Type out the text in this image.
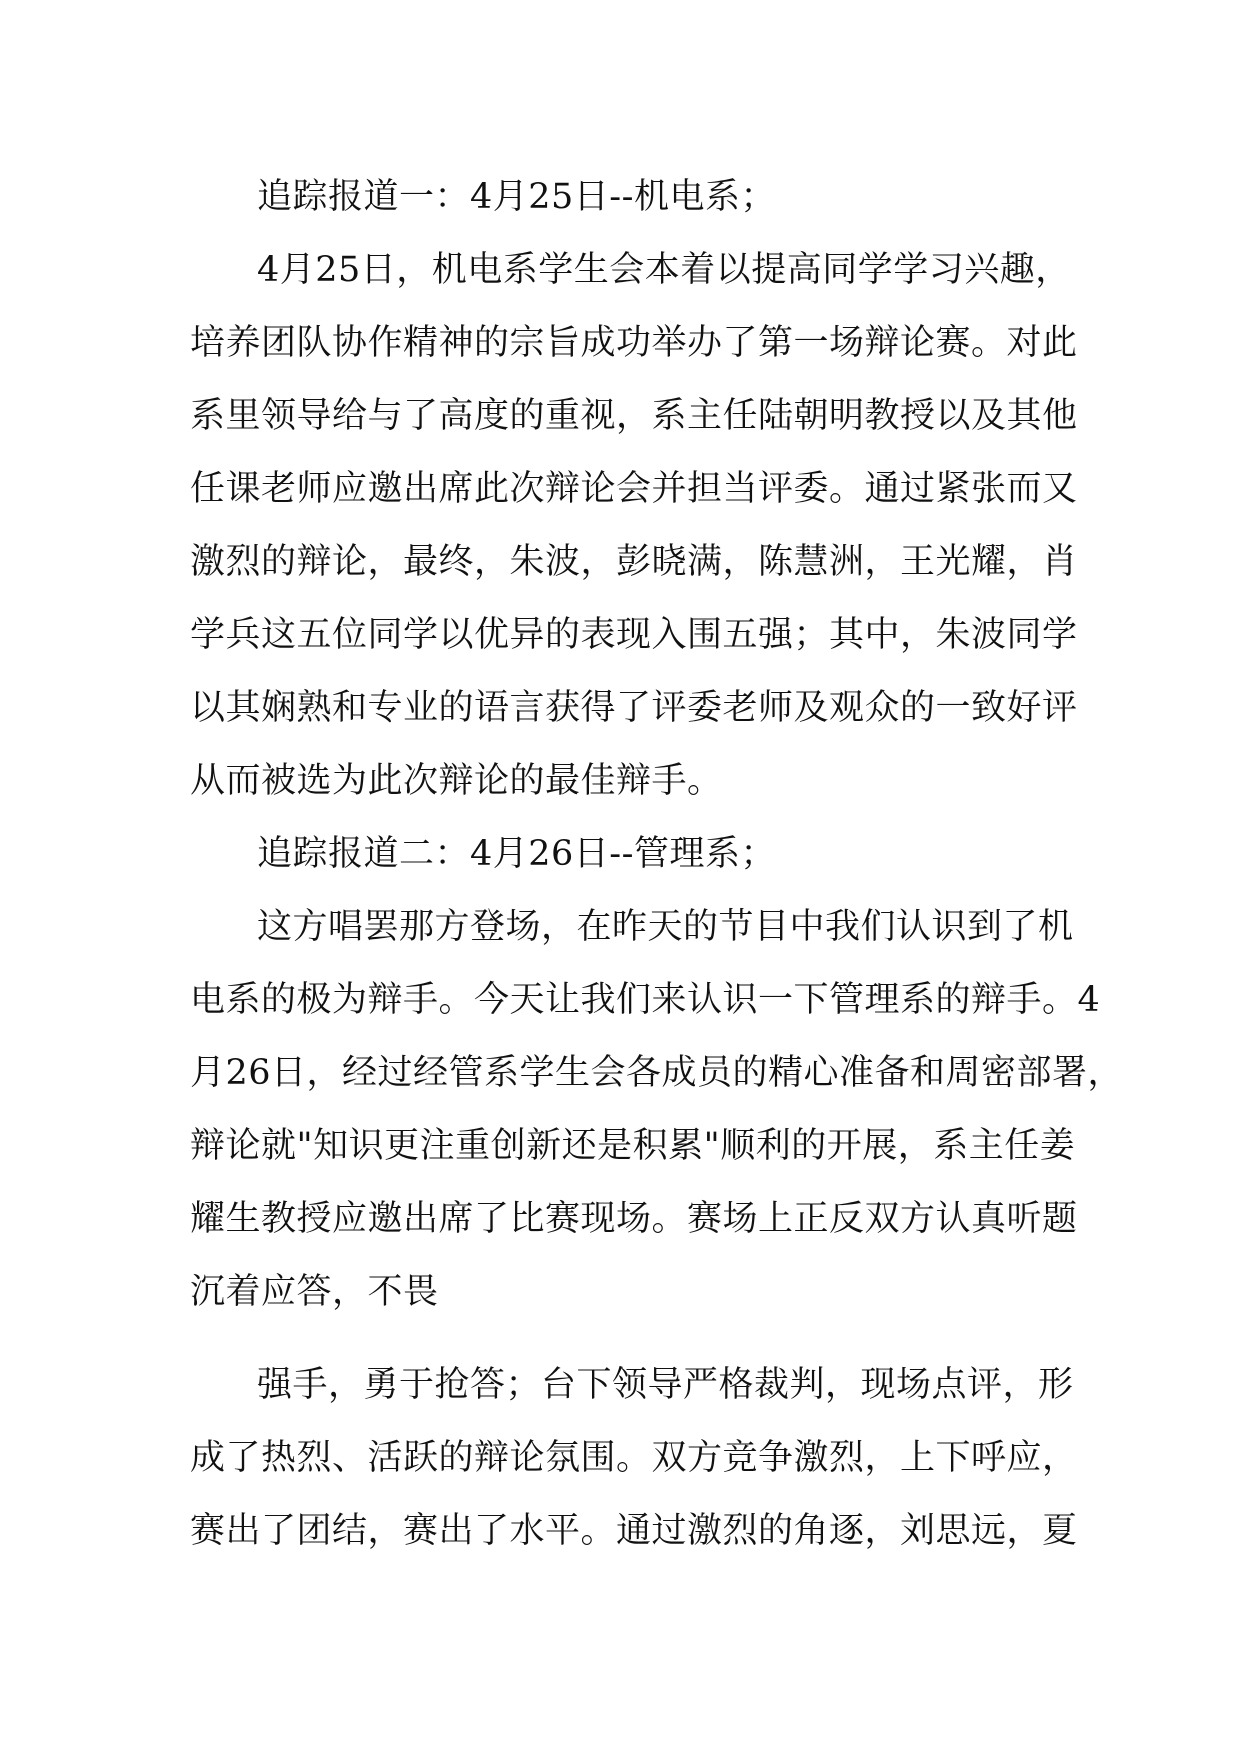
追踪报道一：4月25日--机电系；
4月25日，机电系学生会本着以提高同学学习兴趣，
培养团队协作精神的宗旨成功举办了第一场辩论赛。对此
系里领导给与了高度的重视，系主任陆朝明教授以及其他
任课老师应邀出席此次辩论会并担当评委。通过紧张而又
激烈的辩论，最终，朱波，彭晓满，陈慧洲，王光耀，肖
学兵这五位同学以优异的表现入围五强；其中，朱波同学
以其娴熟和专业的语言获得了评委老师及观众的一致好评
从而被选为此次辩论的最佳辩手。
追踪报道二：4月26日--管理系；
这方唱罢那方登场，在昨天的节目中我们认识到了机
电系的极为辩手。今天让我们来认识一下管理系的辩手。4
月26日，经过经管系学生会各成员的精心准备和周密部署，
辩论就"知识更注重创新还是积累"顺利的开展，系主任姜
耀生教授应邀出席了比赛现场。赛场上正反双方认真听题
沉着应答，不畏
强手，勇于抢答；台下领导严格裁判，现场点评，形
成了热烈、活跃的辩论氛围。双方竞争激烈，上下呼应，
赛出了团结，赛出了水平。通过激烈的角逐，刘思远，夏
